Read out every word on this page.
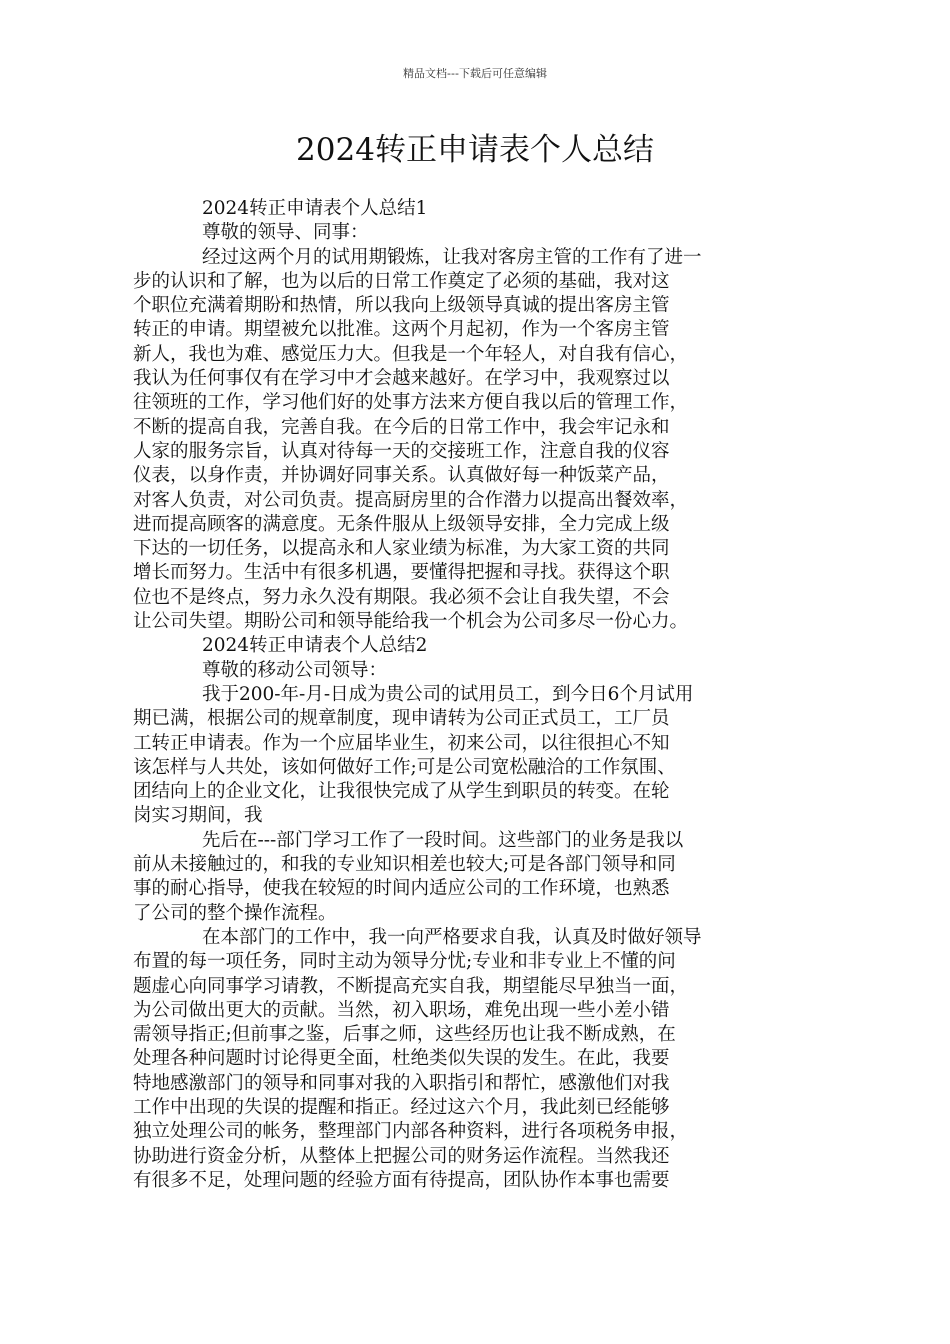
精品文档---下载后可任意编辑
2024转正申请表个人总结
2024转正申请表个人总结1
尊敬的领导、同事：
经过这两个月的试用期锻炼，让我对客房主管的工作有了进一
步的认识和了解，也为以后的日常工作奠定了必须的基础，我对这
个职位充满着期盼和热情，所以我向上级领导真诚的提出客房主管
转正的申请。期望被允以批准。这两个月起初，作为一个客房主管
新人，我也为难、感觉压力大。但我是一个年轻人，对自我有信心，
我认为任何事仅有在学习中才会越来越好。在学习中，我观察过以
往领班的工作，学习他们好的处事方法来方便自我以后的管理工作，
不断的提高自我，完善自我。在今后的日常工作中，我会牢记永和
人家的服务宗旨，认真对待每一天的交接班工作，注意自我的仪容
仪表，以身作责，并协调好同事关系。认真做好每一种饭菜产品，
对客人负责，对公司负责。提高厨房里的合作潜力以提高出餐效率，
进而提高顾客的满意度。无条件服从上级领导安排，全力完成上级
下达的一切任务，以提高永和人家业绩为标准，为大家工资的共同
增长而努力。生活中有很多机遇，要懂得把握和寻找。获得这个职
位也不是终点，努力永久没有期限。我必须不会让自我失望，不会
让公司失望。期盼公司和领导能给我一个机会为公司多尽一份心力。
2024转正申请表个人总结2
尊敬的移动公司领导：
我于200-年-月-日成为贵公司的试用员工，到今日6个月试用
期已满，根据公司的规章制度，现申请转为公司正式员工，工厂员
工转正申请表。作为一个应届毕业生，初来公司，以往很担心不知
该怎样与人共处，该如何做好工作;可是公司宽松融洽的工作氛围、
团结向上的企业文化，让我很快完成了从学生到职员的转变。在轮
岗实习期间，我
先后在---部门学习工作了一段时间。这些部门的业务是我以
前从未接触过的，和我的专业知识相差也较大;可是各部门领导和同
事的耐心指导，使我在较短的时间内适应公司的工作环境，也熟悉
了公司的整个操作流程。
在本部门的工作中，我一向严格要求自我，认真及时做好领导
布置的每一项任务，同时主动为领导分忧;专业和非专业上不懂的问
题虚心向同事学习请教，不断提高充实自我，期望能尽早独当一面，
为公司做出更大的贡献。当然，初入职场，难免出现一些小差小错
需领导指正;但前事之鉴，后事之师，这些经历也让我不断成熟，在
处理各种问题时讨论得更全面，杜绝类似失误的发生。在此，我要
特地感激部门的领导和同事对我的入职指引和帮忙，感激他们对我
工作中出现的失误的提醒和指正。经过这六个月，我此刻已经能够
独立处理公司的帐务，整理部门内部各种资料，进行各项税务申报，
协助进行资金分析，从整体上把握公司的财务运作流程。当然我还
有很多不足，处理问题的经验方面有待提高，团队协作本事也需要
